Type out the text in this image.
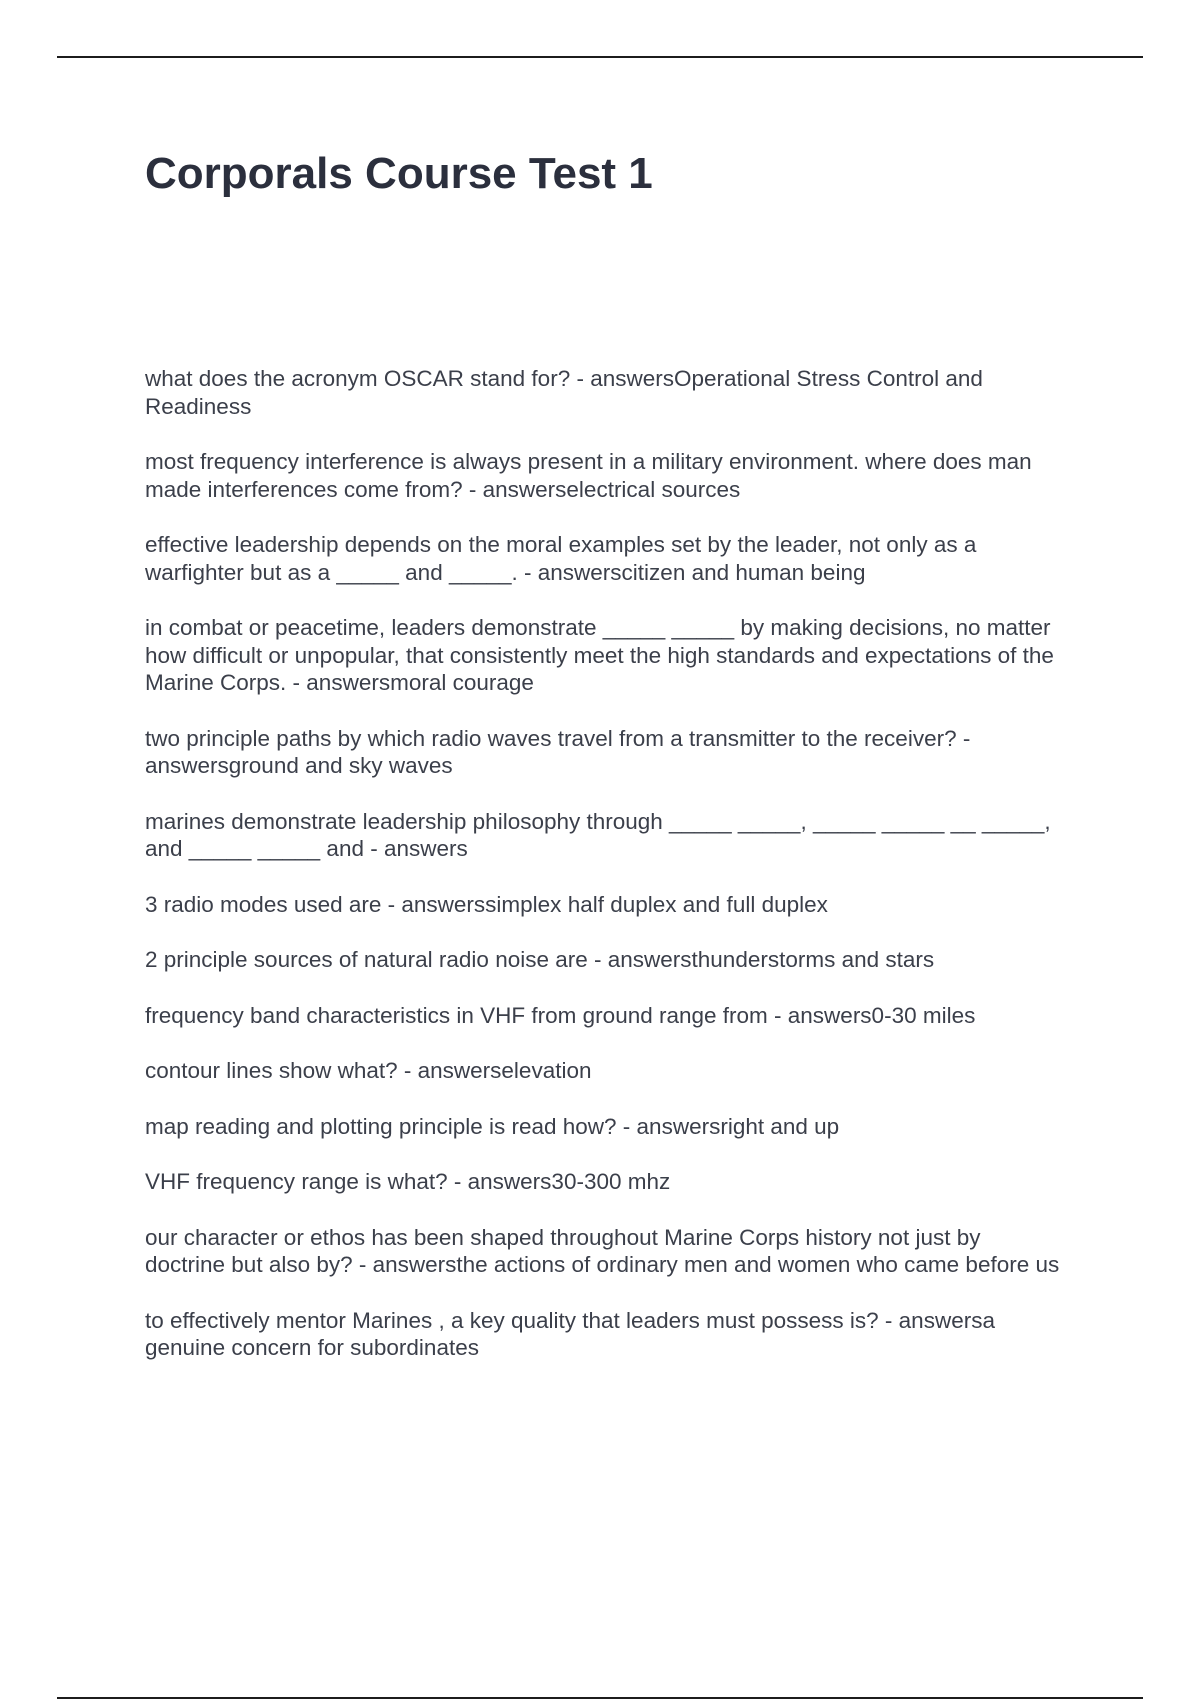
Corporals Course Test 1
what does the acronym OSCAR stand for? - answersOperational Stress Control and Readiness
most frequency interference is always present in a military environment. where does man made interferences come from? - answerselectrical sources
effective leadership depends on the moral examples set by the leader, not only as a warfighter but as a _____ and _____. - answerscitizen and human being
in combat or peacetime, leaders demonstrate _____ _____ by making decisions, no matter how difficult or unpopular, that consistently meet the high standards and expectations of the Marine Corps. - answersmoral courage
two principle paths by which radio waves travel from a transmitter to the receiver? - answersground and sky waves
marines demonstrate leadership philosophy through _____ _____, _____ _____ __ _____, and _____ _____ and - answers
3 radio modes used are - answerssimplex half duplex and full duplex
2 principle sources of natural radio noise are - answersthunderstorms and stars
frequency band characteristics in VHF from ground range from - answers0-30 miles
contour lines show what? - answerselevation
map reading and plotting principle is read how? - answersright and up
VHF frequency range is what? - answers30-300 mhz
our character or ethos has been shaped throughout Marine Corps history not just by doctrine but also by? - answersthe actions of ordinary men and women who came before us
to effectively mentor Marines , a key quality that leaders must possess is? - answersa genuine concern for subordinates
